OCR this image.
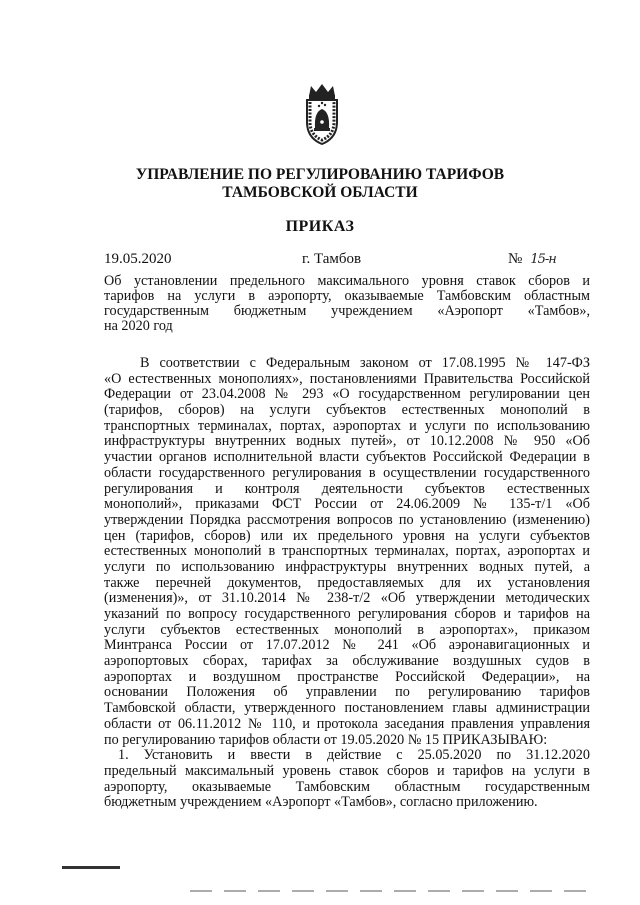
УПРАВЛЕНИЕ ПО РЕГУЛИРОВАНИЮ ТАРИФОВ
ТАМБОВСКОЙ ОБЛАСТИ
ПРИКАЗ
19.05.2020	г. Тамбов	№ 15-н
Об установлении предельного максимального уровня ставок сборов и
тарифов на услуги в аэропорту, оказываемые Тамбовским областным
государственным бюджетным учреждением «Аэропорт «Тамбов»,
на 2020 год
В соответствии с Федеральным законом от 17.08.1995 № 147-ФЗ
«О естественных монополиях», постановлениями Правительства Российской
Федерации от 23.04.2008 № 293 «О государственном регулировании цен
(тарифов, сборов) на услуги субъектов естественных монополий в
транспортных терминалах, портах, аэропортах и услуги по использованию
инфраструктуры внутренних водных путей», от 10.12.2008 № 950 «Об
участии органов исполнительной власти субъектов Российской Федерации в
области государственного регулирования в осуществлении государственного
регулирования и контроля деятельности субъектов естественных
монополий», приказами ФСТ России от 24.06.2009 № 135-т/1 «Об
утверждении Порядка рассмотрения вопросов по установлению (изменению)
цен (тарифов, сборов) или их предельного уровня на услуги субъектов
естественных монополий в транспортных терминалах, портах, аэропортах и
услуги по использованию инфраструктуры внутренних водных путей, а
также перечней документов, предоставляемых для их установления
(изменения)», от 31.10.2014 № 238-т/2 «Об утверждении методических
указаний по вопросу государственного регулирования сборов и тарифов на
услуги субъектов естественных монополий в аэропортах», приказом
Минтранса России от 17.07.2012 № 241 «Об аэронавигационных и
аэропортовых сборах, тарифах за обслуживание воздушных судов в
аэропортах и воздушном пространстве Российской Федерации», на
основании Положения об управлении по регулированию тарифов
Тамбовской области, утвержденного постановлением главы администрации
области от 06.11.2012 № 110, и протокола заседания правления управления
по регулированию тарифов области от 19.05.2020 № 15 ПРИКАЗЫВАЮ:
1. Установить и ввести в действие с 25.05.2020 по 31.12.2020
предельный максимальный уровень ставок сборов и тарифов на услуги в
аэропорту, оказываемые Тамбовским областным государственным
бюджетным учреждением «Аэропорт «Тамбов», согласно приложению.
